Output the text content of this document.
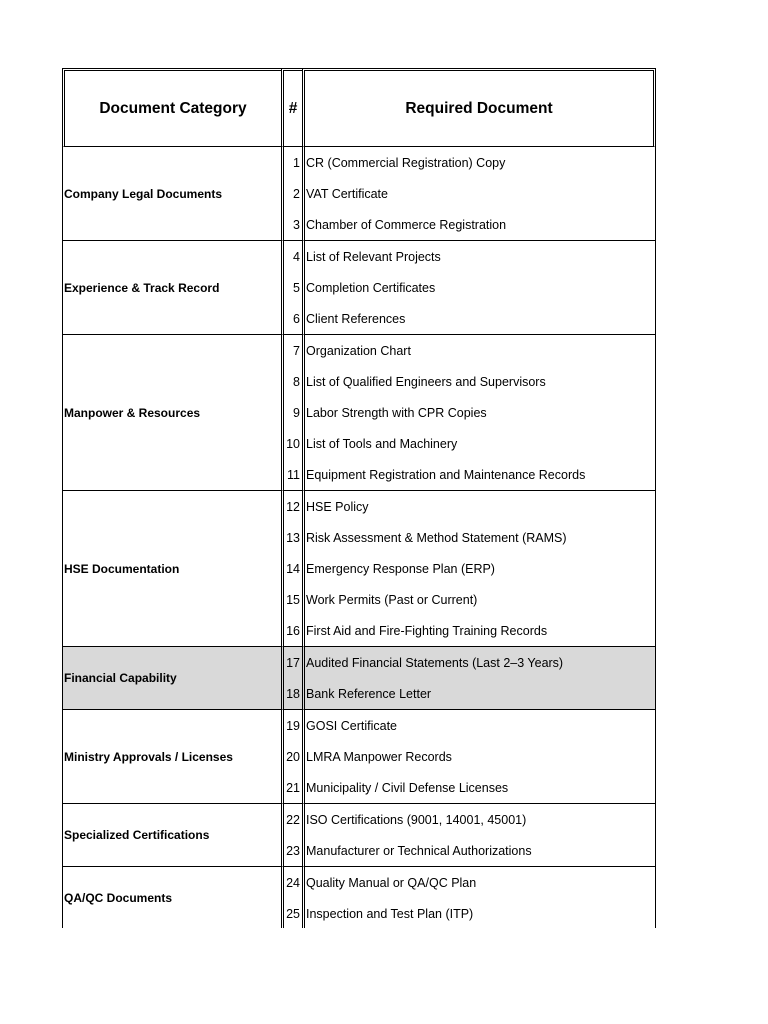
Document Category	#	Required Document
Company Legal Documents	1	CR (Commercial Registration) Copy
	2	VAT Certificate
	3	Chamber of Commerce Registration
Experience & Track Record	4	List of Relevant Projects
	5	Completion Certificates
	6	Client References
Manpower & Resources	7	Organization Chart
	8	List of Qualified Engineers and Supervisors
	9	Labor Strength with CPR Copies
	10	List of Tools and Machinery
	11	Equipment Registration and Maintenance Records
HSE Documentation	12	HSE Policy
	13	Risk Assessment & Method Statement (RAMS)
	14	Emergency Response Plan (ERP)
	15	Work Permits (Past or Current)
	16	First Aid and Fire-Fighting Training Records
Financial Capability	17	Audited Financial Statements (Last 2–3 Years)
	18	Bank Reference Letter
Ministry Approvals / Licenses	19	GOSI Certificate
	20	LMRA Manpower Records
	21	Municipality / Civil Defense Licenses
Specialized Certifications	22	ISO Certifications (9001, 14001, 45001)
	23	Manufacturer or Technical Authorizations
QA/QC Documents	24	Quality Manual or QA/QC Plan
	25	Inspection and Test Plan (ITP)
